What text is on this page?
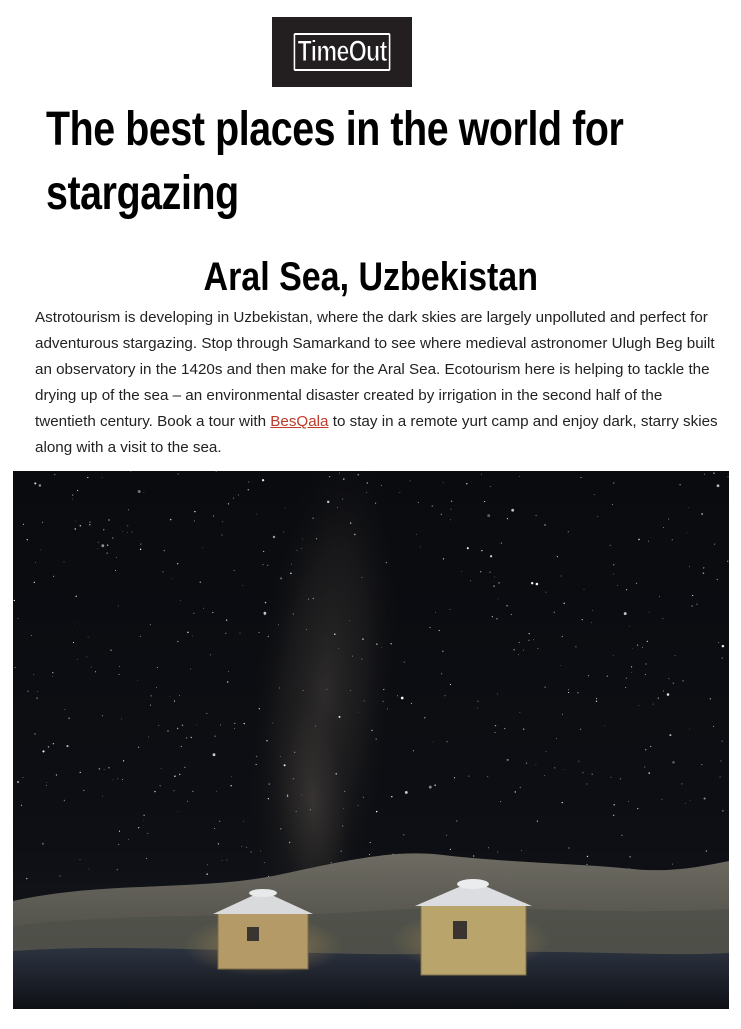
TimeOut
The best places in the world for stargazing
Aral Sea, Uzbekistan

Astrotourism is developing in Uzbekistan, where the dark skies are largely unpolluted and perfect for adventurous stargazing. Stop through Samarkand to see where medieval astronomer Ulugh Beg built an observatory in the 1420s and then make for the Aral Sea. Ecotourism here is helping to tackle the drying up of the sea – an environmental disaster created by irrigation in the second half of the twentieth century. Book a tour with BesQala to stay in a remote yurt camp and enjoy dark, starry skies along with a visit to the sea.
